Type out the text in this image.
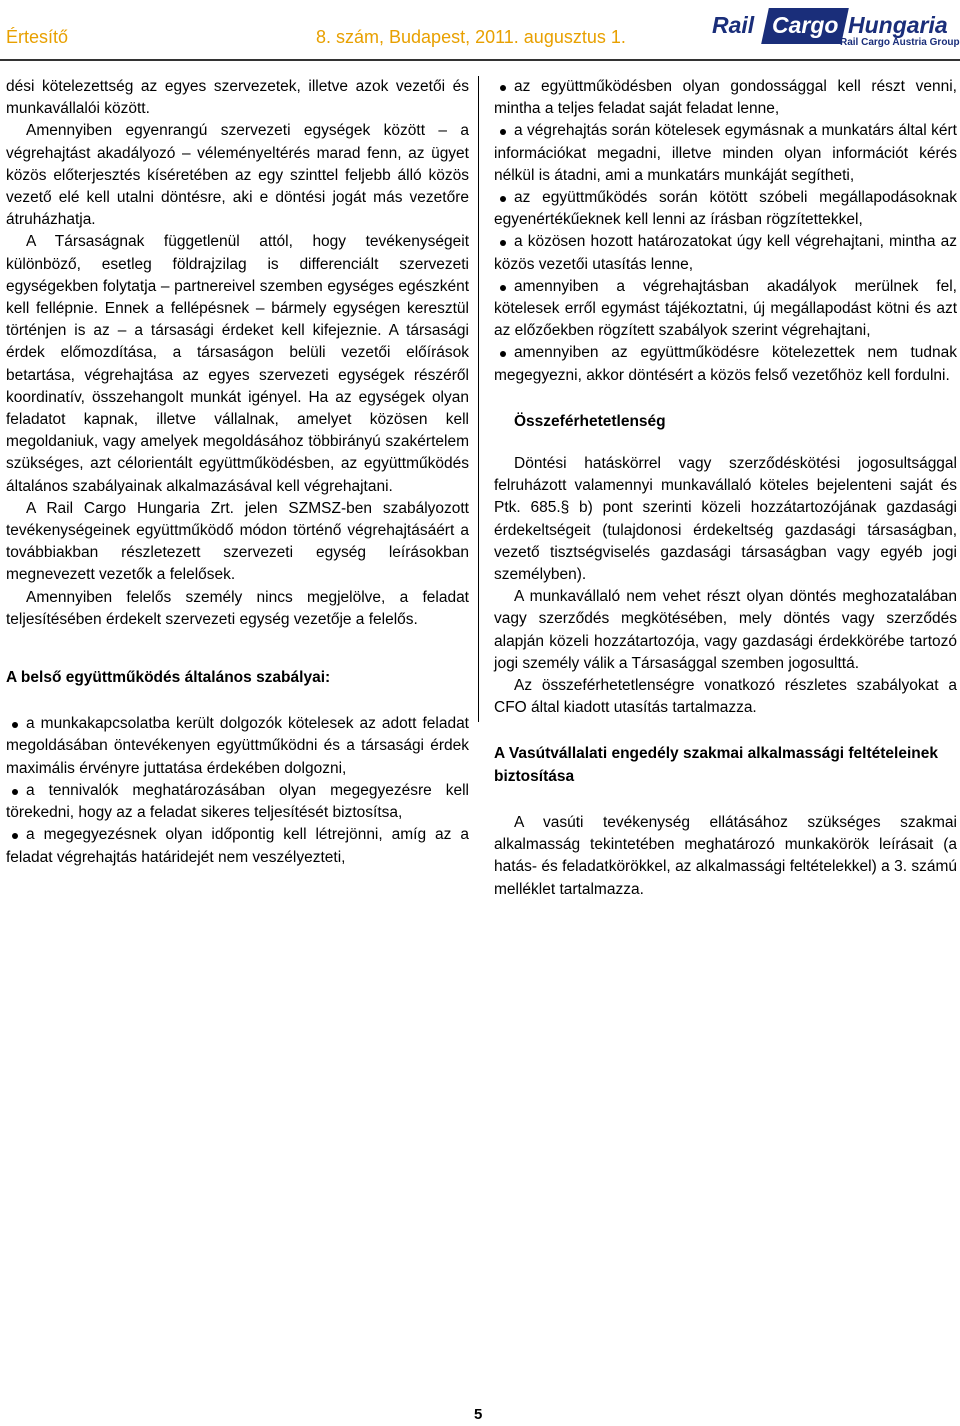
Értesítő	8. szám, Budapest, 2011. augusztus 1.	Rail Cargo Hungaria
Rail Cargo Austria Group

dési kötelezettség az egyes szervezetek, illetve azok vezetői és munkavállalói között.

Amennyiben egyenrangú szervezeti egységek között – a végrehajtást akadályozó – véleményeltérés marad fenn, az ügyet közös előterjesztés kíséretében az egy szinttel feljebb álló közös vezető elé kell utalni döntésre, aki e döntési jogát más vezetőre átruházhatja.

A Társaságnak függetlenül attól, hogy tevékenységeit különböző, esetleg földrajzilag is differenciált szervezeti egységekben folytatja – partnereivel szemben egységes egészként kell fellépnie. Ennek a fellépésnek – bármely egységen keresztül történjen is az – a társasági érdeket kell kifejeznie. A társasági érdek előmozdítása, a társaságon belüli vezetői előírások betartása, végrehajtása az egyes szervezeti egységek részéről koordinatív, összehangolt munkát igényel. Ha az egységek olyan feladatot kapnak, illetve vállalnak, amelyet közösen kell megoldaniuk, vagy amelyek megoldásához többirányú szakértelem szükséges, azt célorientált együttműködésben, az együttműködés általános szabályainak alkalmazásával kell végrehajtani.

A Rail Cargo Hungaria Zrt. jelen SZMSZ-ben szabályozott tevékenységeinek együttműködő módon történő végrehajtásáért a továbbiakban részletezett szervezeti egység leírásokban megnevezett vezetők a felelősek.

Amennyiben felelős személy nincs megjelölve, a feladat teljesítésében érdekelt szervezeti egység vezetője a felelős.

A belső együttműködés általános szabályai:

a munkakapcsolatba került dolgozók kötelesek az adott feladat megoldásában öntevékenyen együttműködni és a társasági érdek maximális érvényre juttatása érdekében dolgozni,

a tennivalók meghatározásában olyan megegyezésre kell törekedni, hogy az a feladat sikeres teljesítését biztosítsa,

a megegyezésnek olyan időpontig kell létrejönni, amíg az a feladat végrehajtás határidejét nem veszélyezteti,

az együttműködésben olyan gondossággal kell részt venni, mintha a teljes feladat saját feladat lenne,

a végrehajtás során kötelesek egymásnak a munkatárs által kért információkat megadni, illetve minden olyan információt kérés nélkül is átadni, ami a munkatárs munkáját segítheti,

az együttműködés során kötött szóbeli megállapodásoknak egyenértékűeknek kell lenni az írásban rögzítettekkel,

a közösen hozott határozatokat úgy kell végrehajtani, mintha az közös vezetői utasítás lenne,

amennyiben a végrehajtásban akadályok merülnek fel, kötelesek erről egymást tájékoztatni, új megállapodást kötni és azt az előzőekben rögzített szabályok szerint végrehajtani,

amennyiben az együttműködésre kötelezettek nem tudnak megegyezni, akkor döntésért a közös felső vezetőhöz kell fordulni.

Összeférhetetlenség

Döntési hatáskörrel vagy szerződéskötési jogosultsággal felruházott valamennyi munkavállaló köteles bejelenteni saját és Ptk. 685.§ b) pont szerinti közeli hozzátartozójának gazdasági érdekeltségeit (tulajdonosi érdekeltség gazdasági társaságban, vezető tisztségviselés gazdasági társaságban vagy egyéb jogi személyben).

A munkavállaló nem vehet részt olyan döntés meghozatalában vagy szerződés megkötésében, mely döntés vagy szerződés alapján közeli hozzátartozója, vagy gazdasági érdekkörébe tartozó jogi személy válik a Társasággal szemben jogosulttá.

Az összeférhetetlenségre vonatkozó részletes szabályokat a CFO által kiadott utasítás tartalmazza.

A Vasútvállalati engedély szakmai alkalmassági feltételeinek biztosítása

A vasúti tevékenység ellátásához szükséges szakmai alkalmasság tekintetében meghatározó munkakörök leírásait (a hatás- és feladatkörökkel, az alkalmassági feltételekkel) a 3. számú melléklet tartalmazza.

5
